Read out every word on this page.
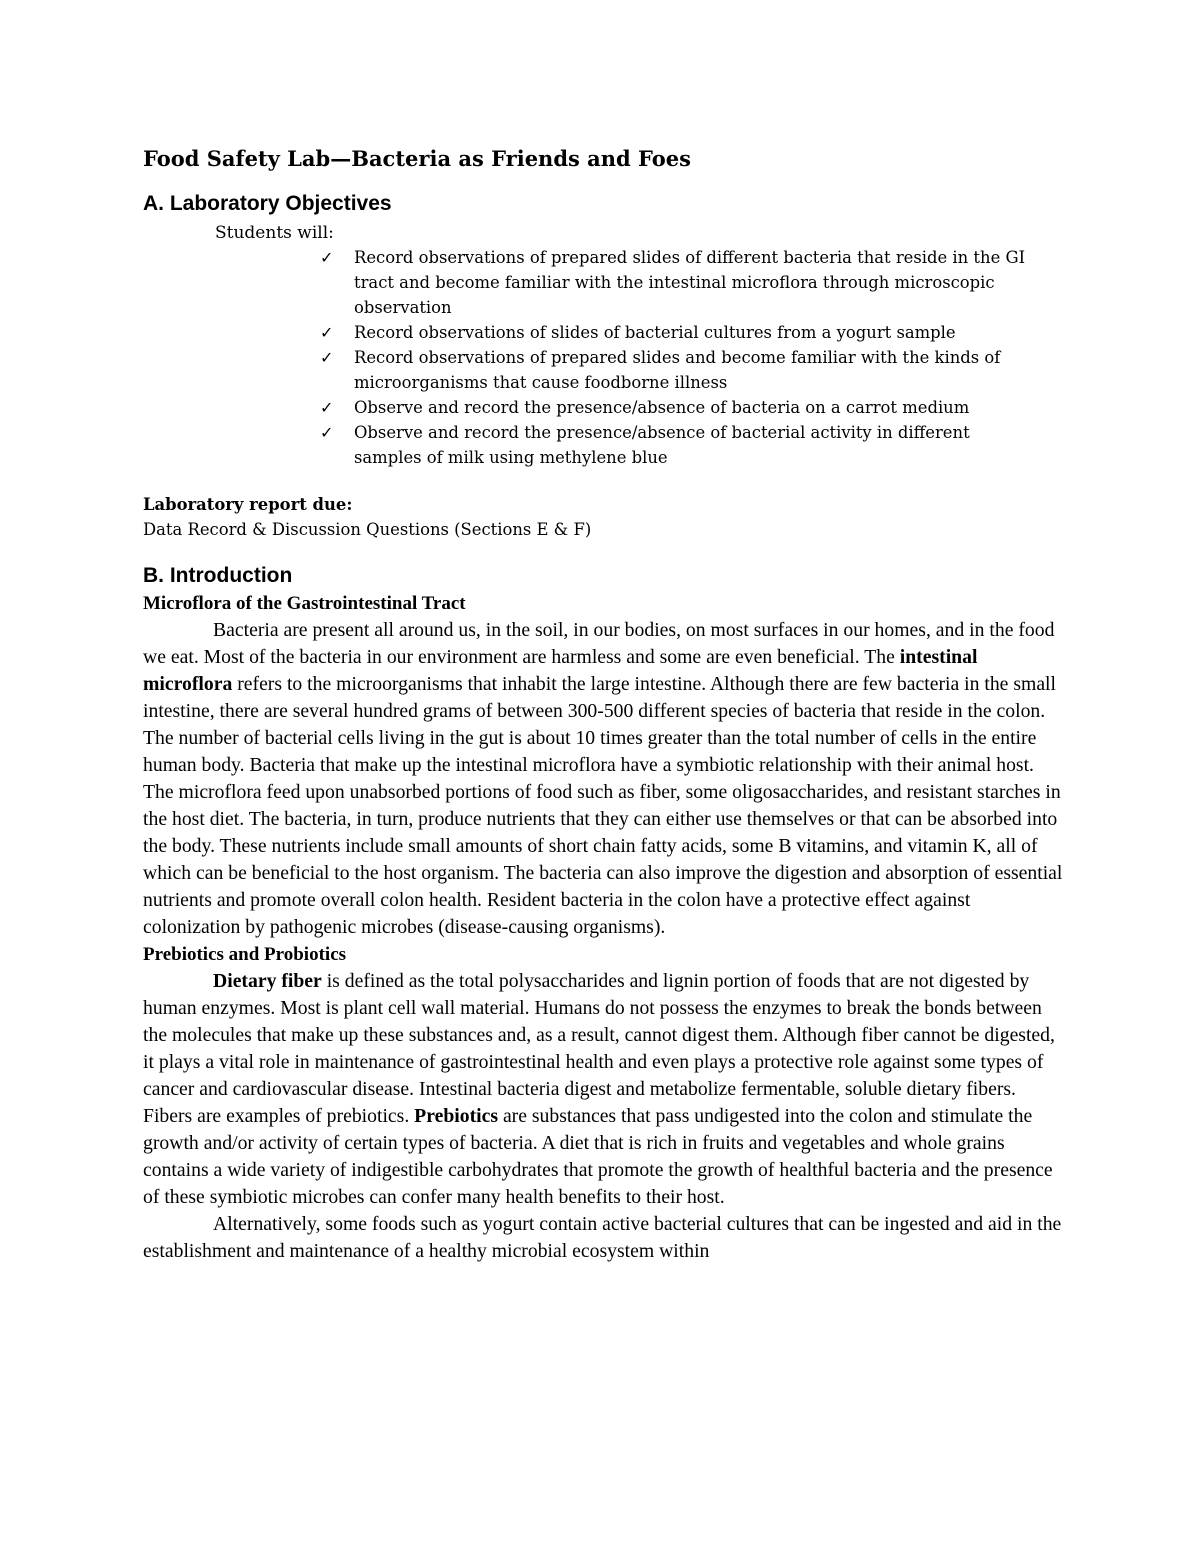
Food Safety Lab—Bacteria as Friends and Foes
A. Laboratory Objectives
Students will:
✓ Record observations of prepared slides of different bacteria that reside in the GI tract and become familiar with the intestinal microflora through microscopic observation
✓ Record observations of slides of bacterial cultures from a yogurt sample
✓ Record observations of prepared slides and become familiar with the kinds of microorganisms that cause foodborne illness
✓ Observe and record the presence/absence of bacteria on a carrot medium
✓ Observe and record the presence/absence of bacterial activity in different samples of milk using methylene blue
Laboratory report due:
Data Record & Discussion Questions (Sections E & F)
B. Introduction
Microflora of the Gastrointestinal Tract

Bacteria are present all around us, in the soil, in our bodies, on most surfaces in our homes, and in the food we eat. Most of the bacteria in our environment are harmless and some are even beneficial. The intestinal microflora refers to the microorganisms that inhabit the large intestine. Although there are few bacteria in the small intestine, there are several hundred grams of between 300-500 different species of bacteria that reside in the colon. The number of bacterial cells living in the gut is about 10 times greater than the total number of cells in the entire human body. Bacteria that make up the intestinal microflora have a symbiotic relationship with their animal host. The microflora feed upon unabsorbed portions of food such as fiber, some oligosaccharides, and resistant starches in the host diet. The bacteria, in turn, produce nutrients that they can either use themselves or that can be absorbed into the body. These nutrients include small amounts of short chain fatty acids, some B vitamins, and vitamin K, all of which can be beneficial to the host organism. The bacteria can also improve the digestion and absorption of essential nutrients and promote overall colon health. Resident bacteria in the colon have a protective effect against colonization by pathogenic microbes (disease-causing organisms).

Prebiotics and Probiotics

Dietary fiber is defined as the total polysaccharides and lignin portion of foods that are not digested by human enzymes. Most is plant cell wall material. Humans do not possess the enzymes to break the bonds between the molecules that make up these substances and, as a result, cannot digest them. Although fiber cannot be digested, it plays a vital role in maintenance of gastrointestinal health and even plays a protective role against some types of cancer and cardiovascular disease. Intestinal bacteria digest and metabolize fermentable, soluble dietary fibers. Fibers are examples of prebiotics. Prebiotics are substances that pass undigested into the colon and stimulate the growth and/or activity of certain types of bacteria. A diet that is rich in fruits and vegetables and whole grains contains a wide variety of indigestible carbohydrates that promote the growth of healthful bacteria and the presence of these symbiotic microbes can confer many health benefits to their host.

Alternatively, some foods such as yogurt contain active bacterial cultures that can be ingested and aid in the establishment and maintenance of a healthy microbial ecosystem within
